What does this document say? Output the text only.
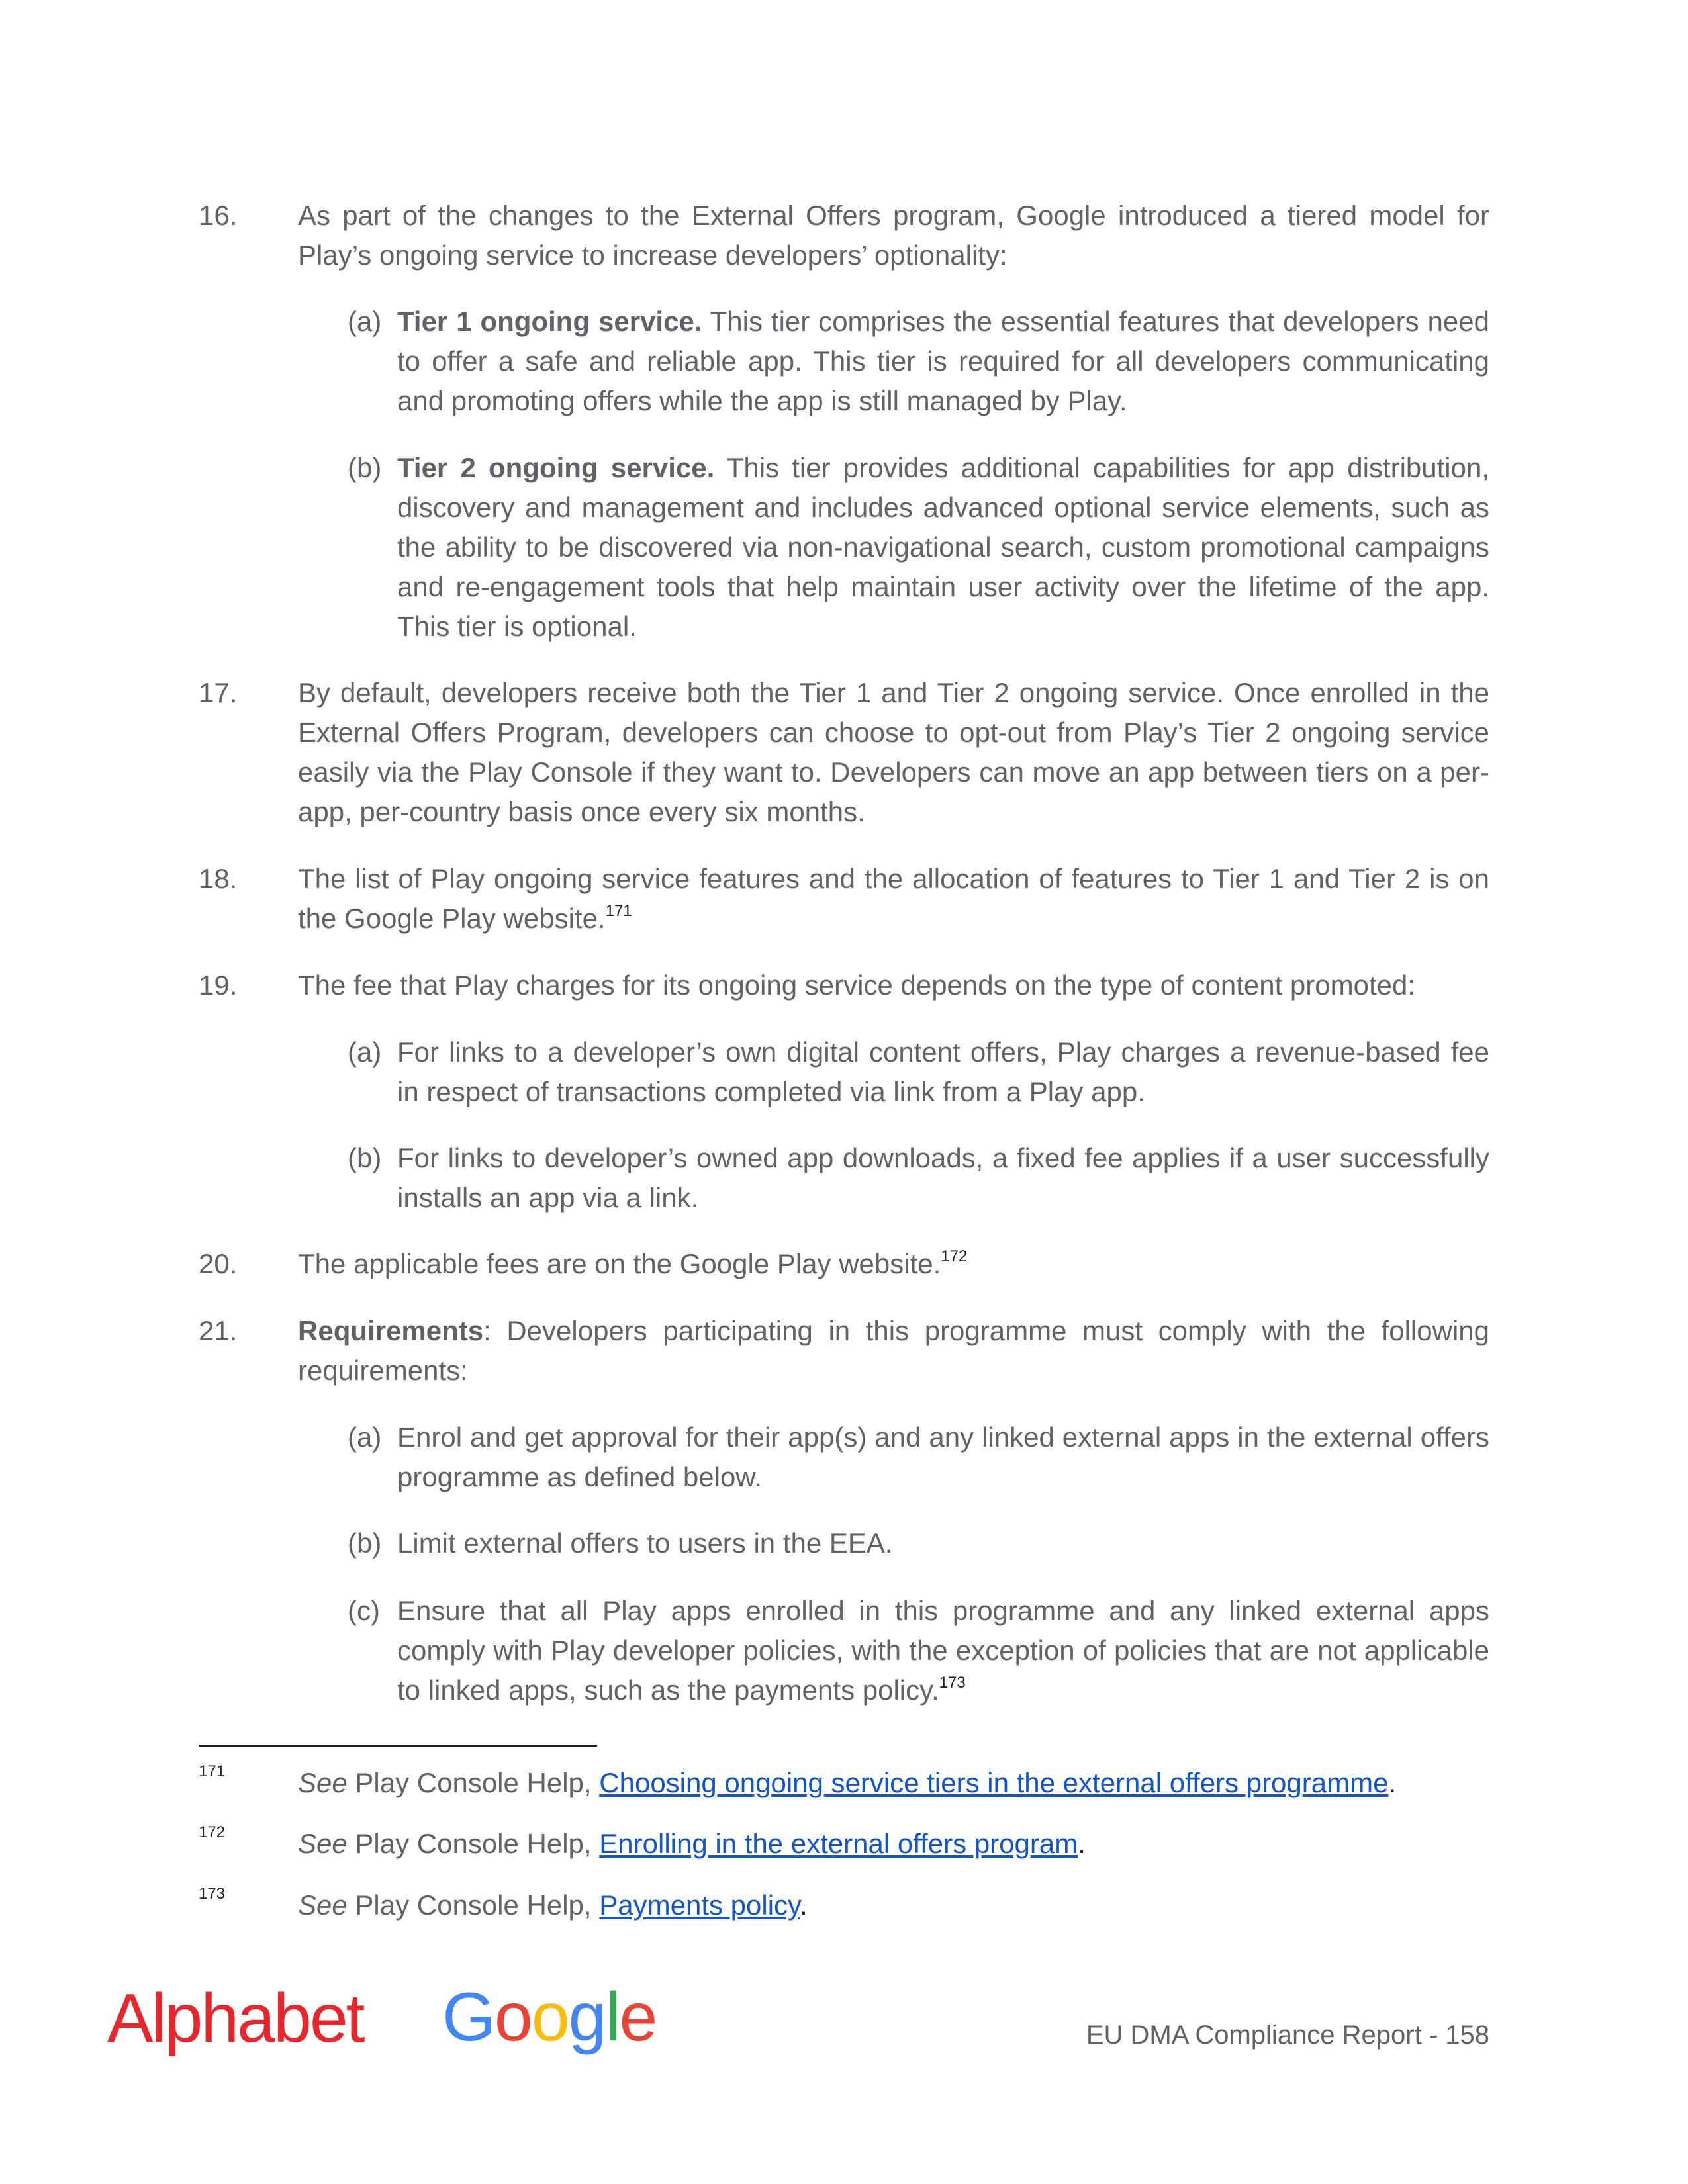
16.	As part of the changes to the External Offers program, Google introduced a tiered model for Play’s ongoing service to increase developers’ optionality:
(a) Tier 1 ongoing service. This tier comprises the essential features that developers need to offer a safe and reliable app. This tier is required for all developers communicating and promoting offers while the app is still managed by Play.
(b) Tier 2 ongoing service. This tier provides additional capabilities for app distribution, discovery and management and includes advanced optional service elements, such as the ability to be discovered via non-navigational search, custom promotional campaigns and re-engagement tools that help maintain user activity over the lifetime of the app. This tier is optional.
17.	By default, developers receive both the Tier 1 and Tier 2 ongoing service. Once enrolled in the External Offers Program, developers can choose to opt-out from Play’s Tier 2 ongoing service easily via the Play Console if they want to. Developers can move an app between tiers on a per-app, per-country basis once every six months.
18.	The list of Play ongoing service features and the allocation of features to Tier 1 and Tier 2 is on the Google Play website.$^{171}$
19.	The fee that Play charges for its ongoing service depends on the type of content promoted:
(a) For links to a developer’s own digital content offers, Play charges a revenue-based fee in respect of transactions completed via link from a Play app.
(b) For links to developer’s owned app downloads, a fixed fee applies if a user successfully installs an app via a link.
20.	The applicable fees are on the Google Play website.$^{172}$
21.	Requirements: Developers participating in this programme must comply with the following requirements:
(a) Enrol and get approval for their app(s) and any linked external apps in the external offers programme as defined below.
(b) Limit external offers to users in the EEA.
(c) Ensure that all Play apps enrolled in this programme and any linked external apps comply with Play developer policies, with the exception of policies that are not applicable to linked apps, such as the payments policy.$^{173}$
171	See Play Console Help, Choosing ongoing service tiers in the external offers programme.
172	See Play Console Help, Enrolling in the external offers program.
173	See Play Console Help, Payments policy.
Alphabet Google	EU DMA Compliance Report - 158
